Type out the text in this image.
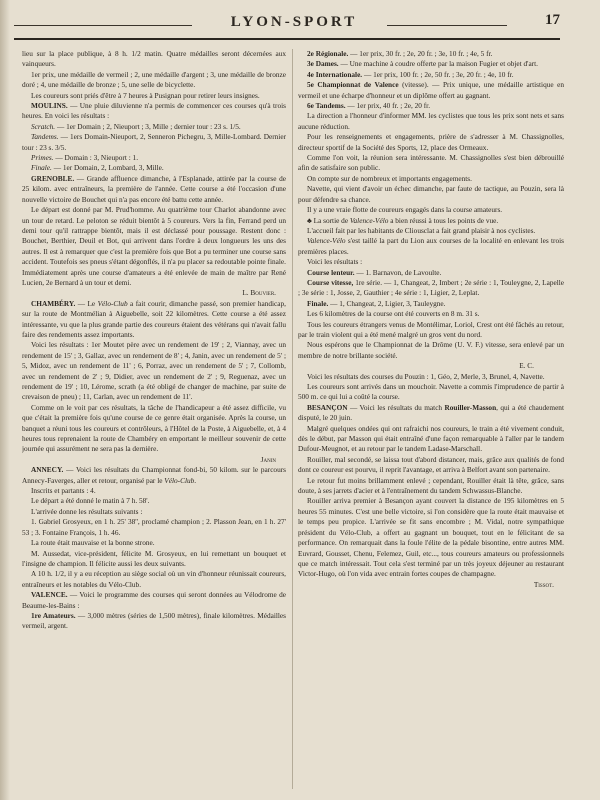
LYON-SPORT	17

lieu sur la place publique, à 8 h. 1/2 matin. Quatre médailles seront décernées aux vainqueurs.

1er prix, une médaille de vermeil ; 2, une médaille d'argent ; 3, une médaille de bronze doré ; 4, une médaille de bronze ; 5, une selle de bicyclette.

Les coureurs sont priés d'être à 7 heures à Pusignan pour retirer leurs insignes.

MOULINS. — Une pluie diluvienne n'a permis de commencer ces courses qu'à trois heures. En voici les résultats :

Scratch. — 1er Domain ; 2, Nieuport ; 3, Mille ; dernier tour : 23 s. 1/5.

Tandems. — 1ers Domain-Nieuport, 2, Senneron Pichegru, 3, Mille-Lombard. Dernier tour : 23 s. 3/5.

Primes. — Domain : 3, Nieuport : 1.

Finale. — 1er Domain, 2, Lombard, 3, Mille.

GRENOBLE. — Grande affluence dimanche, à l'Esplanade, attirée par la course de 25 kilom. avec entraîneurs, la première de l'année. Cette course a été l'occasion d'une nouvelle victoire de Bouchet qui n'a pas encore été battu cette année.

Le départ est donné par M. Prud'homme. Au quatrième tour Charlot abandonne avec un tour de retard. Le peloton se réduit bientôt à 5 coureurs. Vers la fin, Ferrand perd un demi tour qu'il rattrappe bientôt, mais il est déclassé pour poussage. Restent donc : Bouchet, Berthier, Deuil et Bot, qui arrivent dans l'ordre à deux longueurs les uns des autres. Il est à remarquer que c'est la première fois que Bot a pu terminer une course sans accident. Toutefois ses pneus s'étant dégonflés, il n'a pu placer sa redoutable pointe finale. Immédiatement après une course d'amateurs a été enlevée de main de maître par René Lucien, 2e Bernard à un tour et demi.

L. Bouvier.

CHAMBÉRY. — Le Vélo-Club a fait courir, dimanche passé, son premier handicap, sur la route de Montmélian à Aiguebelle, soit 22 kilomètres. Cette course a été assez intéressante, vu que la plus grande partie des coureurs étaient des vétérans qui n'avait fallu faire des rendements assez importants.

Voici les résultats : 1er Moutet père avec un rendement de 19' ; 2, Viannay, avec un rendement de 15' ; 3, Gallaz, avec un rendement de 8' ; 4, Janin, avec un rendement de 5' ; 5, Midoz, avec un rendement de 11' ; 6, Porraz, avec un rendement de 5' ; 7, Collomb, avec un rendement de 2' ; 9, Didier, avec un rendement de 2' ; 9, Reguenaz, avec un rendement de 19' ; 10, Lérome, scrath (a été obligé de changer de machine, par suite de crevaison de pneu) ; 11, Carlan, avec un rendement de 11'.

Comme on le voit par ces résultats, la tâche de l'handicapeur a été assez difficile, vu que c'était la première fois qu'une course de ce genre était organisée. Après la course, un banquet a réuni tous les coureurs et contrôleurs, à l'Hôtel de la Poste, à Aiguebelle, et, à 4 heures tous reprenaient la route de Chambéry en emportant le meilleur souvenir de cette journée qui assurément ne sera pas la dernière.

Janin

ANNECY. — Voici les résultats du Championnat fond-bi, 50 kilom. sur le parcours Annecy-Faverges, aller et retour, organisé par le Vélo-Club.

Inscrits et partants : 4.

Le départ a été donné le matin à 7 h. 58'.

L'arrivée donne les résultats suivants :

1. Gabriel Grosyeux, en 1 h. 25' 38'', proclamé champion ; 2. Plasson Jean, en 1 h. 27' 53 ; 3. Fontaine François, 1 h. 46.

La route était mauvaise et la bonne strone.

M. Aussedat, vice-président, félicite M. Grosyeux, en lui remettant un bouquet et l'insigne de champion. Il félicite aussi les deux suivants.

A 10 h. 1/2, il y a eu réception au siège social où un vin d'honneur réunissait coureurs, entraîneurs et les notables du Vélo-Club.

VALENCE. — Voici le programme des courses qui seront données au Vélodrome de Beaume-les-Bains :

1re Amateurs. — 3,000 mètres (séries de 1,500 mètres), finale kilomètres. Médailles vermeil, argent.

2e Régionale. — 1er prix, 30 fr. ; 2e, 20 fr. ; 3e, 10 fr. ; 4e, 5 fr.

3e Dames. — Une machine à coudre offerte par la maison Fugier et objet d'art.

4e Internationale. — 1er prix, 100 fr. ; 2e, 50 fr. ; 3e, 20 fr. ; 4e, 10 fr.

5e Championnat de Valence (vitesse). — Prix unique, une médaille artistique en vermeil et une écharpe d'honneur et un diplôme offert au gagnant.

6e Tandems. — 1er prix, 40 fr. ; 2e, 20 fr.

La direction a l'honneur d'informer MM. les cyclistes que tous les prix sont nets et sans aucune réduction.

Pour les renseignements et engagements, prière de s'adresser à M. Chassignolles, directeur sportif de la Société des Sports, 12, place des Ormeaux.

Comme l'on voit, la réunion sera intéressante. M. Chassignolles s'est bien débrouillé afin de satisfaire son public.

On compte sur de nombreux et importants engagements.

Navette, qui vient d'avoir un échec dimanche, par faute de tactique, au Pouzin, sera là pour défendre sa chance.

Il y a une vraie flotte de coureurs engagés dans la course amateurs.

♣ La sortie de Valence-Vélo a bien réussi à tous les points de vue.

L'accueil fait par les habitants de Cliousclat a fait grand plaisir à nos cyclistes.

Valence-Vélo s'est taillé la part du Lion aux courses de la localité en enlevant les trois premières places.

Voici les résultats :

Course lenteur. — 1. Barnavon, de Lavoulte.

Course vitesse, 1re série. — 1, Changeat, 2, Imbert ; 2e série : 1, Touleygne, 2, Lapelle ; 3e série : 1, Josse, 2, Gauthier ; 4e série : 1, Ligier, 2, Leplat.

Finale. — 1, Changeat, 2, Ligier, 3, Tauleygne.

Les 6 kilomètres de la course ont été couverts en 8 m. 31 s.

Tous les coureurs étrangers venus de Montélimar, Loriol, Crest ont été fâchés au retour, par le train violent qui a été mené malgré un gros vent du nord.

Nous espérons que le Championnat de la Drôme (U. V. F.) vitesse, sera enlevé par un membre de notre brillante société.

E. C.

Voici les résultats des courses du Pouzin : 1, Géo, 2, Merle, 3, Brunel, 4, Navette.

Les coureurs sont arrivés dans un mouchoir. Navette a commis l'imprudence de partir à 500 m. ce qui lui a coûté la course.

BESANÇON — Voici les résultats du match Rouiller-Masson, qui a été chaudement disputé, le 20 juin.

Malgré quelques ondées qui ont rafraichi nos coureurs, le train a été vivement conduit, dès le début, par Masson qui était entraîné d'une façon remarquable à l'aller par le tandem Dufour-Meugnot, et au retour par le tandem Ladase-Marschall.

Rouiller, mal secondé, se laissa tout d'abord distancer, mais, grâce aux qualités de fond dont ce coureur est pourvu, il reprit l'avantage, et arriva à Belfort avant son partenaire.

Le retour fut moins brillamment enlevé ; cependant, Rouiller était là tête, grâce, sans doute, à ses jarrets d'acier et à l'entraînement du tandem Schwassus-Blanche.

Rouiller arriva premier à Besançon ayant couvert la distance de 195 kilomètres en 5 heures 55 minutes. C'est une belle victoire, si l'on considère que la route était mauvaise et le temps peu propice. L'arrivée se fit sans encombre ; M. Vidal, notre sympathique président du Vélo-Club, a offert au gagnant un bouquet, tout en le félicitant de sa performance. On remarquait dans la foule l'élite de la pédale bisontine, entre autres MM. Euvrard, Gousset, Chenu, Felemez, Guil, etc..., tous coureurs amateurs ou professionnels que ce match intéressait. Tout cela s'est terminé par un très joyeux déjeuner au restaurant Victor-Hugo, où l'on vida avec entrain fortes coupes de champagne.

Tissot.
